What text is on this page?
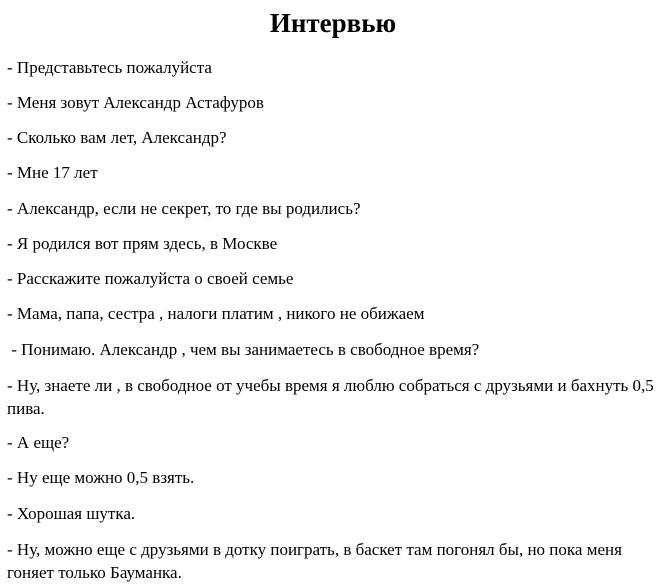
Интервью
- Представьтесь пожалуйста
- Меня зовут Александр Астафуров
- Сколько вам лет, Александр?
- Мне 17 лет
- Александр, если не секрет, то где вы родились?
- Я родился вот прям здесь, в Москве
- Расскажите пожалуйста о своей семье
- Мама, папа, сестра , налоги платим , никого не обижаем
- Понимаю. Александр , чем вы занимаетесь в свободное время?
- Ну, знаете ли , в свободное от учебы время я люблю собраться с друзьями и бахнуть 0,5 пива.
- А еще?
- Ну еще можно 0,5 взять.
- Хорошая шутка.
- Ну, можно еще с друзьями в дотку поиграть, в баскет там погонял бы, но пока меня гоняет только Бауманка.
